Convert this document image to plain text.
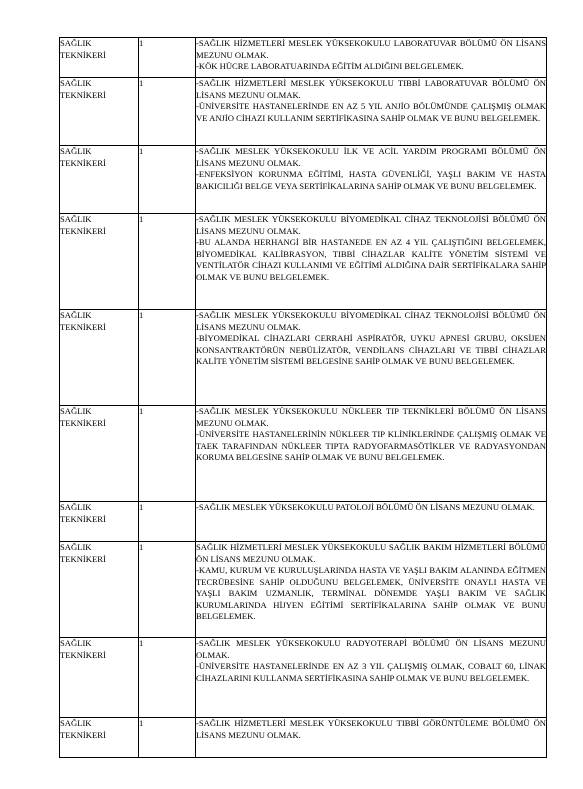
SAĞLIK TEKNİKERİ	1	-SAĞLIK HİZMETLERİ MESLEK YÜKSEKOKULU LABORATUVAR BÖLÜMÜ ÖN LİSANS MEZUNU OLMAK.
-KÖK HÜCRE LABORATUARINDA EĞİTİM ALDIĞINI BELGELEMEK.

SAĞLIK TEKNİKERİ	1	-SAĞLIK HİZMETLERİ MESLEK YÜKSEKOKULU TIBBİ LABORATUVAR BÖLÜMÜ ÖN LİSANS MEZUNU OLMAK.
-ÜNİVERSİTE HASTANELERİNDE EN AZ 5 YIL ANJİO BÖLÜMÜNDE ÇALIŞMIŞ OLMAK VE ANJİO CİHAZI KULLANIM SERTİFİKASINA SAHİP OLMAK VE BUNU BELGELEMEK.

SAĞLIK TEKNİKERİ	1	-SAĞLIK MESLEK YÜKSEKOKULU İLK VE ACİL YARDIM PROGRAMI BÖLÜMÜ ÖN LİSANS MEZUNU OLMAK.
-ENFEKSİYON KORUNMA EĞİTİMİ, HASTA GÜVENLİĞİ, YAŞLI BAKIM VE HASTA BAKICILIĞI BELGE VEYA SERTİFİKALARINA SAHİP OLMAK VE BUNU BELGELEMEK.

SAĞLIK TEKNİKERİ	1	-SAĞLIK MESLEK YÜKSEKOKULU BİYOMEDİKAL CİHAZ TEKNOLOJİSİ BÖLÜMÜ ÖN LİSANS MEZUNU OLMAK.
-BU ALANDA HERHANGİ BİR HASTANEDE EN AZ 4 YIL ÇALIŞTIĞINI BELGELEMEK, BİYOMEDİKAL KALİBRASYON, TIBBİ CİHAZLAR KALİTE YÖNETİM SİSTEMİ VE VENTİLATÖR CİHAZI KULLANIMI VE EĞİTİMİ ALDIĞINA DAİR SERTİFİKALARA SAHİP OLMAK VE BUNU BELGELEMEK.

SAĞLIK TEKNİKERİ	1	-SAĞLIK MESLEK YÜKSEKOKULU BİYOMEDİKAL CİHAZ TEKNOLOJİSİ BÖLÜMÜ ÖN LİSANS MEZUNU OLMAK.
-BİYOMEDİKAL CİHAZLARI CERRAHİ ASPİRATÖR, UYKU APNESİ GRUBU, OKSİJEN KONSANTRAKTÖRÜN NEBÜLİZATÖR, VENDİLANS CİHAZLARI VE TIBBİ CİHAZLAR KALİTE YÖNETİM SİSTEMİ BELGESİNE SAHİP OLMAK VE BUNU BELGELEMEK.

SAĞLIK TEKNİKERİ	1	-SAĞLIK MESLEK YÜKSEKOKULU NÜKLEER TIP TEKNİKLERİ BÖLÜMÜ ÖN LİSANS MEZUNU OLMAK.
-ÜNİVERSİTE HASTANELERİNİN NÜKLEER TIP KLİNİKLERİNDE ÇALIŞMIŞ OLMAK VE TAEK TARAFINDAN NÜKLEER TIPTA RADYOFARMASÖTİKLER VE RADYASYONDAN KORUMA BELGESİNE SAHİP OLMAK VE BUNU BELGELEMEK.

SAĞLIK TEKNİKERİ	1	-SAĞLIK MESLEK YÜKSEKOKULU PATOLOJİ BÖLÜMÜ ÖN LİSANS MEZUNU OLMAK.

SAĞLIK TEKNİKERİ	1	SAĞLIK HİZMETLERİ MESLEK YÜKSEKOKULU SAĞLIK BAKIM HİZMETLERİ BÖLÜMÜ ÖN LİSANS MEZUNU OLMAK.
-KAMU, KURUM VE KURULUŞLARINDA HASTA VE YAŞLI BAKIM ALANINDA EĞİTMEN TECRÜBESİNE SAHİP OLDUĞUNU BELGELEMEK, ÜNİVERSİTE ONAYLI HASTA VE YAŞLI BAKIM UZMANLIK, TERMİNAL DÖNEMDE YAŞLI BAKIM VE SAĞLIK KURUMLARINDA HİJYEN EĞİTİMİ SERTİFİKALARINA SAHİP OLMAK VE BUNU BELGELEMEK.

SAĞLIK TEKNİKERİ	1	-SAĞLIK MESLEK YÜKSEKOKULU RADYOTERAPİ BÖLÜMÜ ÖN LİSANS MEZUNU OLMAK.
-ÜNİVERSİTE HASTANELERİNDE EN AZ 3 YIL ÇALIŞMIŞ OLMAK, COBALT 60, LİNAK CİHAZLARINI KULLANMA SERTİFİKASINA SAHİP OLMAK VE BUNU BELGELEMEK.

SAĞLIK TEKNİKERİ	1	-SAĞLIK HİZMETLERİ MESLEK YÜKSEKOKULU TIBBİ GÖRÜNTÜLEME BÖLÜMÜ ÖN LİSANS MEZUNU OLMAK.
